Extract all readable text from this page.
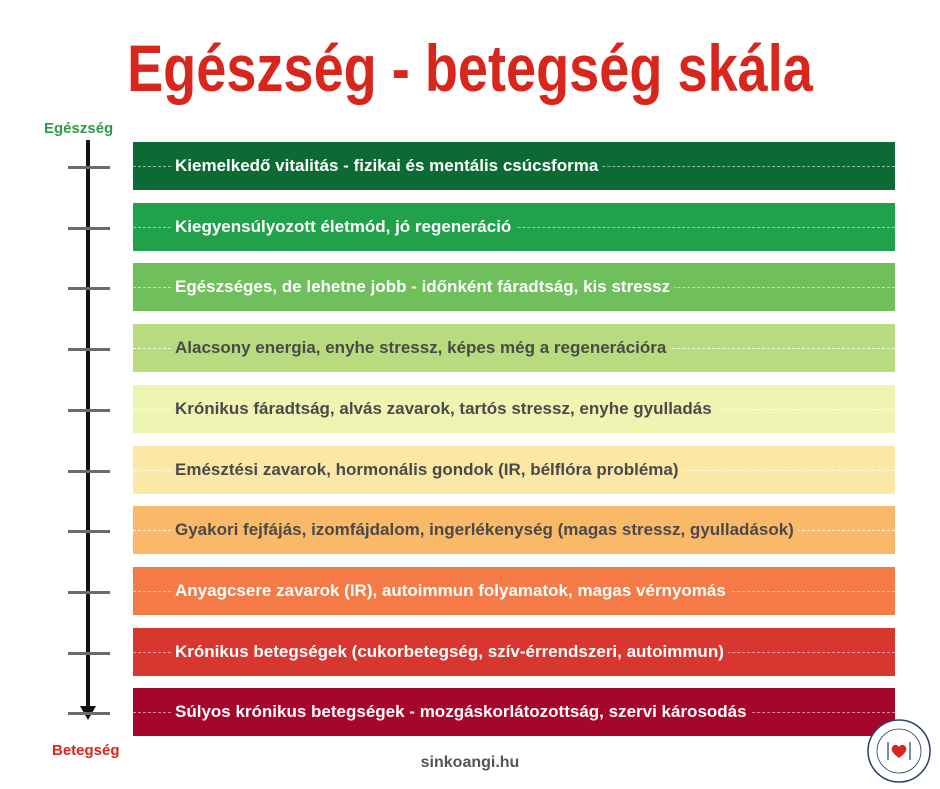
Egészség - betegség skála
Egészség
Betegség
Kiemelkedő vitalitás - fizikai és mentális csúcsforma
Kiegyensúlyozott életmód, jó regeneráció
Egészséges, de lehetne jobb - időnként fáradtság, kis stressz
Alacsony energia, enyhe stressz, képes még a regenerációra
Krónikus fáradtság, alvás zavarok, tartós stressz, enyhe gyulladás
Emésztési zavarok, hormonális gondok (IR, bélflóra probléma)
Gyakori fejfájás, izomfájdalom, ingerlékenység (magas stressz, gyulladások)
Anyagcsere zavarok (IR), autoimmun folyamatok, magas vérnyomás
Krónikus betegségek (cukorbetegség, szív-érrendszeri, autoimmun)
Súlyos krónikus betegségek - mozgáskorlátozottság, szervi károsodás
sinkoangi.hu
